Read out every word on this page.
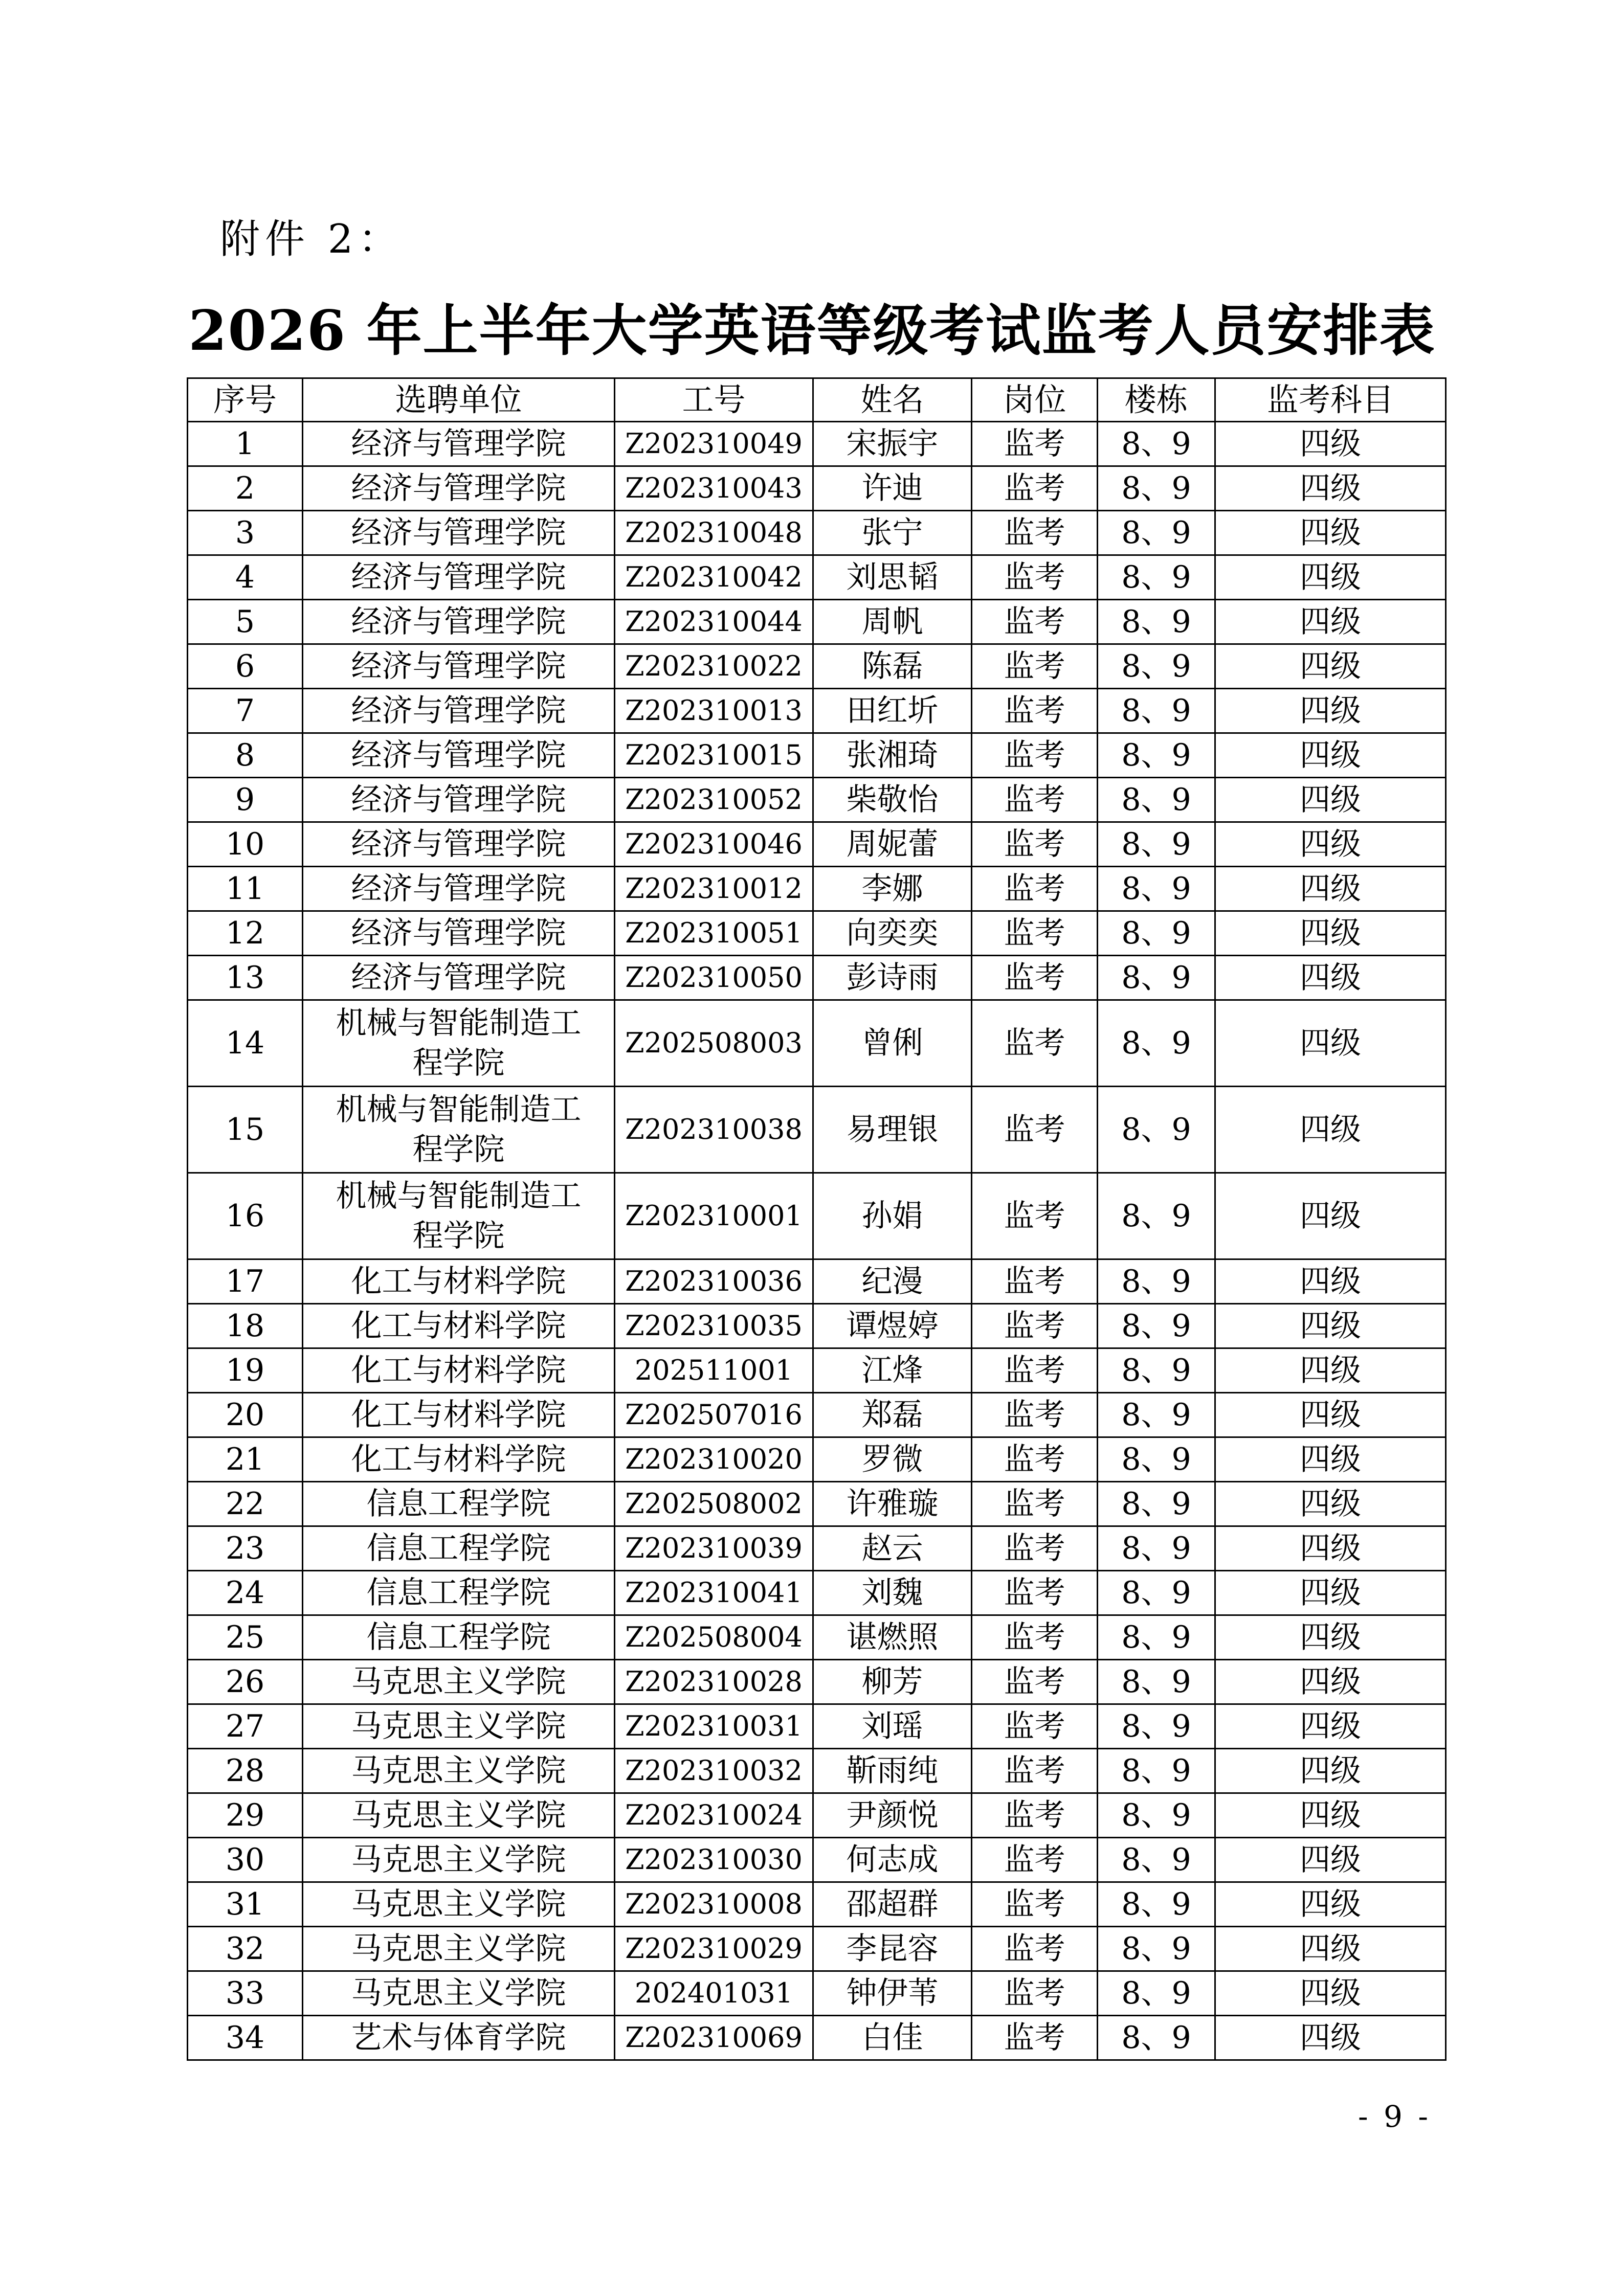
附件 2：
2026 年上半年大学英语等级考试监考人员安排表
序号	选聘单位	工号	姓名	岗位	楼栋	监考科目
1	经济与管理学院	Z202310049	宋振宇	监考	8、9	四级
2	经济与管理学院	Z202310043	许迪	监考	8、9	四级
3	经济与管理学院	Z202310048	张宁	监考	8、9	四级
4	经济与管理学院	Z202310042	刘思韬	监考	8、9	四级
5	经济与管理学院	Z202310044	周帆	监考	8、9	四级
6	经济与管理学院	Z202310022	陈磊	监考	8、9	四级
7	经济与管理学院	Z202310013	田红圻	监考	8、9	四级
8	经济与管理学院	Z202310015	张湘琦	监考	8、9	四级
9	经济与管理学院	Z202310052	柴敬怡	监考	8、9	四级
10	经济与管理学院	Z202310046	周妮蕾	监考	8、9	四级
11	经济与管理学院	Z202310012	李娜	监考	8、9	四级
12	经济与管理学院	Z202310051	向奕奕	监考	8、9	四级
13	经济与管理学院	Z202310050	彭诗雨	监考	8、9	四级
14	机械与智能制造工程学院	Z202508003	曾俐	监考	8、9	四级
15	机械与智能制造工程学院	Z202310038	易理银	监考	8、9	四级
16	机械与智能制造工程学院	Z202310001	孙娟	监考	8、9	四级
17	化工与材料学院	Z202310036	纪漫	监考	8、9	四级
18	化工与材料学院	Z202310035	谭煜婷	监考	8、9	四级
19	化工与材料学院	202511001	江烽	监考	8、9	四级
20	化工与材料学院	Z202507016	郑磊	监考	8、9	四级
21	化工与材料学院	Z202310020	罗微	监考	8、9	四级
22	信息工程学院	Z202508002	许雅璇	监考	8、9	四级
23	信息工程学院	Z202310039	赵云	监考	8、9	四级
24	信息工程学院	Z202310041	刘魏	监考	8、9	四级
25	信息工程学院	Z202508004	谌燃照	监考	8、9	四级
26	马克思主义学院	Z202310028	柳芳	监考	8、9	四级
27	马克思主义学院	Z202310031	刘瑶	监考	8、9	四级
28	马克思主义学院	Z202310032	靳雨纯	监考	8、9	四级
29	马克思主义学院	Z202310024	尹颜悦	监考	8、9	四级
30	马克思主义学院	Z202310030	何志成	监考	8、9	四级
31	马克思主义学院	Z202310008	邵超群	监考	8、9	四级
32	马克思主义学院	Z202310029	李昆容	监考	8、9	四级
33	马克思主义学院	202401031	钟伊苇	监考	8、9	四级
34	艺术与体育学院	Z202310069	白佳	监考	8、9	四级
- 9 -
